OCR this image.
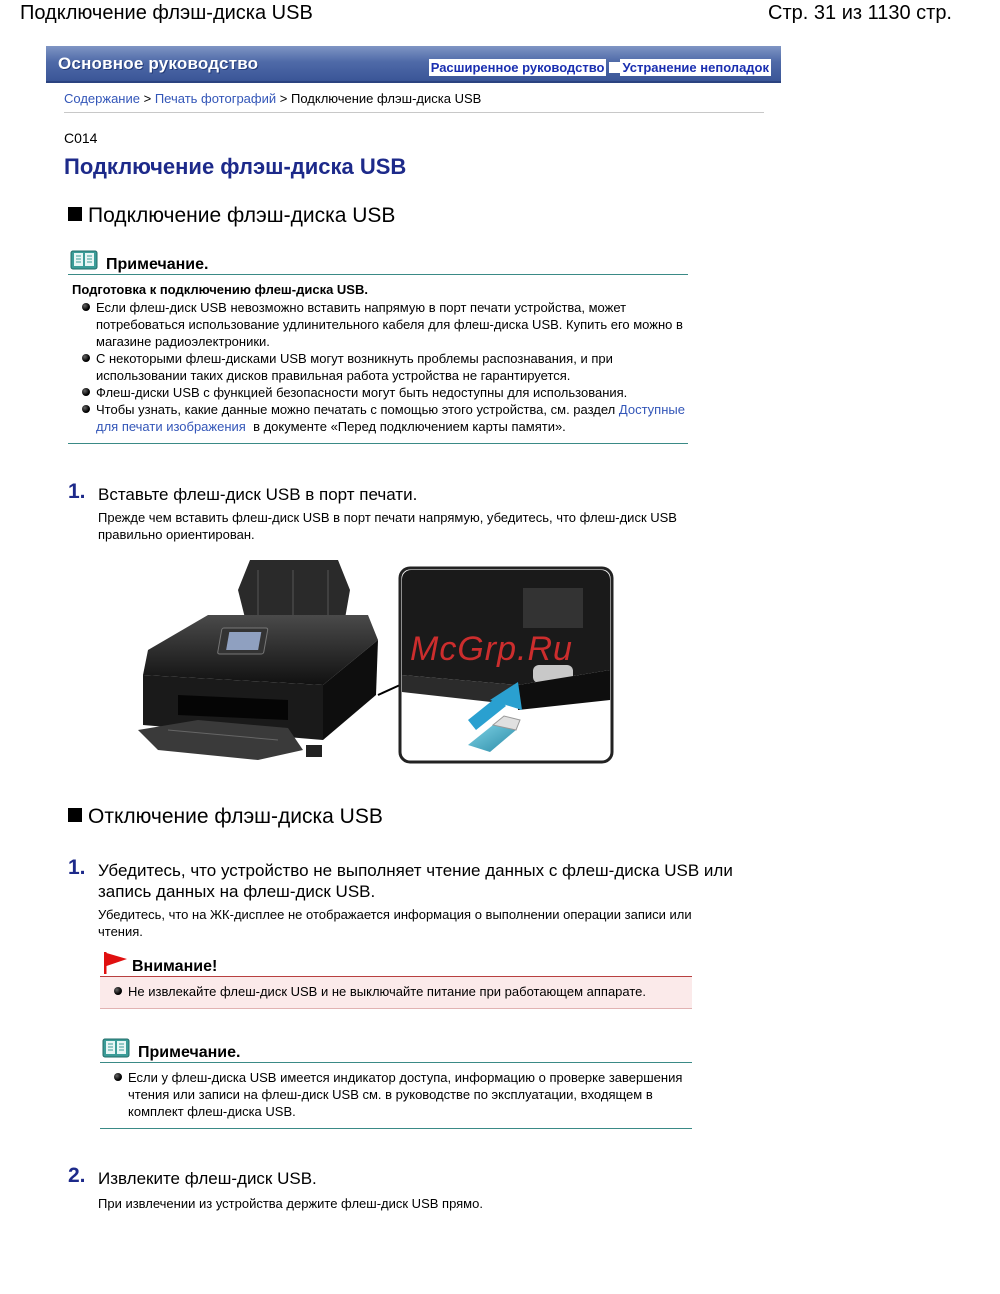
Подключение флэш-диска USB	Стр. 31 из 1130 стр.
Основное руководство	Расширенное руководство Устранение неполадок
Содержание > Печать фотографий > Подключение флэш-диска USB
C014
Подключение флэш-диска USB
Подключение флэш-диска USB
Примечание.
Подготовка к подключению флеш-диска USB.
Если флеш-диск USB невозможно вставить напрямую в порт печати устройства, может потребоваться использование удлинительного кабеля для флеш-диска USB. Купить его можно в магазине радиоэлектроники.
С некоторыми флеш-дисками USB могут возникнуть проблемы распознавания, и при использовании таких дисков правильная работа устройства не гарантируется.
Флеш-диски USB с функцией безопасности могут быть недоступны для использования.
Чтобы узнать, какие данные можно печатать с помощью этого устройства, см. раздел Доступные для печати изображения в документе «Перед подключением карты памяти».
1. Вставьте флеш-диск USB в порт печати.
Прежде чем вставить флеш-диск USB в порт печати напрямую, убедитесь, что флеш-диск USB правильно ориентирован.
McGrp.Ru
Отключение флэш-диска USB
1. Убедитесь, что устройство не выполняет чтение данных с флеш-диска USB или запись данных на флеш-диск USB.
Убедитесь, что на ЖК-дисплее не отображается информация о выполнении операции записи или чтения.
Внимание!
Не извлекайте флеш-диск USB и не выключайте питание при работающем аппарате.
Примечание.
Если у флеш-диска USB имеется индикатор доступа, информацию о проверке завершения чтения или записи на флеш-диск USB см. в руководстве по эксплуатации, входящем в комплект флеш-диска USB.
2. Извлеките флеш-диск USB.
При извлечении из устройства держите флеш-диск USB прямо.
